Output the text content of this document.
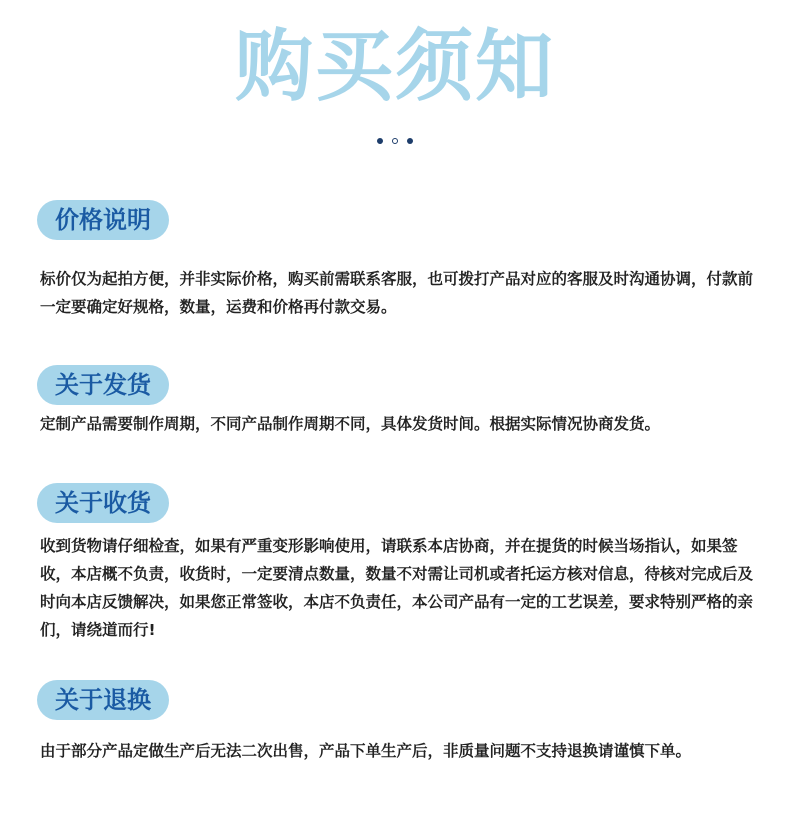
购买须知

价格说明
标价仅为起拍方便，并非实际价格，购买前需联系客服，也可拨打产品对应的客服及时沟通协调，付款前一定要确定好规格，数量，运费和价格再付款交易。
关于发货
定制产品需要制作周期，不同产品制作周期不同，具体发货时间。根据实际情况协商发货。
关于收货
收到货物请仔细检查，如果有严重变形影响使用，请联系本店协商，并在提货的时候当场指认，如果签收，本店概不负责，收货时，一定要清点数量，数量不对需让司机或者托运方核对信息，待核对完成后及时向本店反馈解决，如果您正常签收，本店不负责任，本公司产品有一定的工艺误差，要求特别严格的亲们，请绕道而行!
关于退换
由于部分产品定做生产后无法二次出售，产品下单生产后，非质量问题不支持退换请谨慎下单。
